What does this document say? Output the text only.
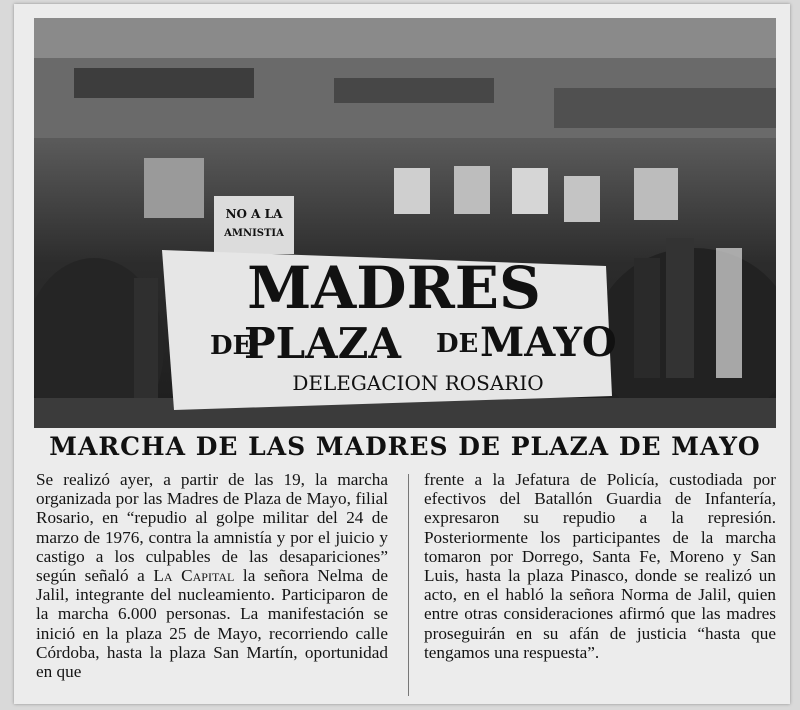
NO A LA
AMNISTIA
MADRES
DE
PLAZA DE MAYO
DELEGACION ROSARIO
MARCHA DE LAS MADRES DE PLAZA DE MAYO
Se realizó ayer, a partir de las 19, la marcha organizada por las Madres de Plaza de Mayo, filial Rosario, en “repudio al golpe militar del 24 de marzo de 1976, contra la amnistía y por el juicio y castigo a los culpables de las desapariciones” según señaló a La Capital la señora Nelma de Jalil, integrante del nucleamiento. Participaron de la marcha 6.000 personas. La manifestación se inició en la plaza 25 de Mayo, recorriendo calle Córdoba, hasta la plaza San Martín, oportunidad en que
frente a la Jefatura de Policía, custodiada por efectivos del Batallón Guardia de Infantería, expresaron su repudio a la represión. Posteriormente los participantes de la marcha tomaron por Dorrego, Santa Fe, Moreno y San Luis, hasta la plaza Pinasco, donde se realizó un acto, en el habló la señora Norma de Jalil, quien entre otras consideraciones afirmó que las madres proseguirán en su afán de justicia “hasta que tengamos una respuesta”.
